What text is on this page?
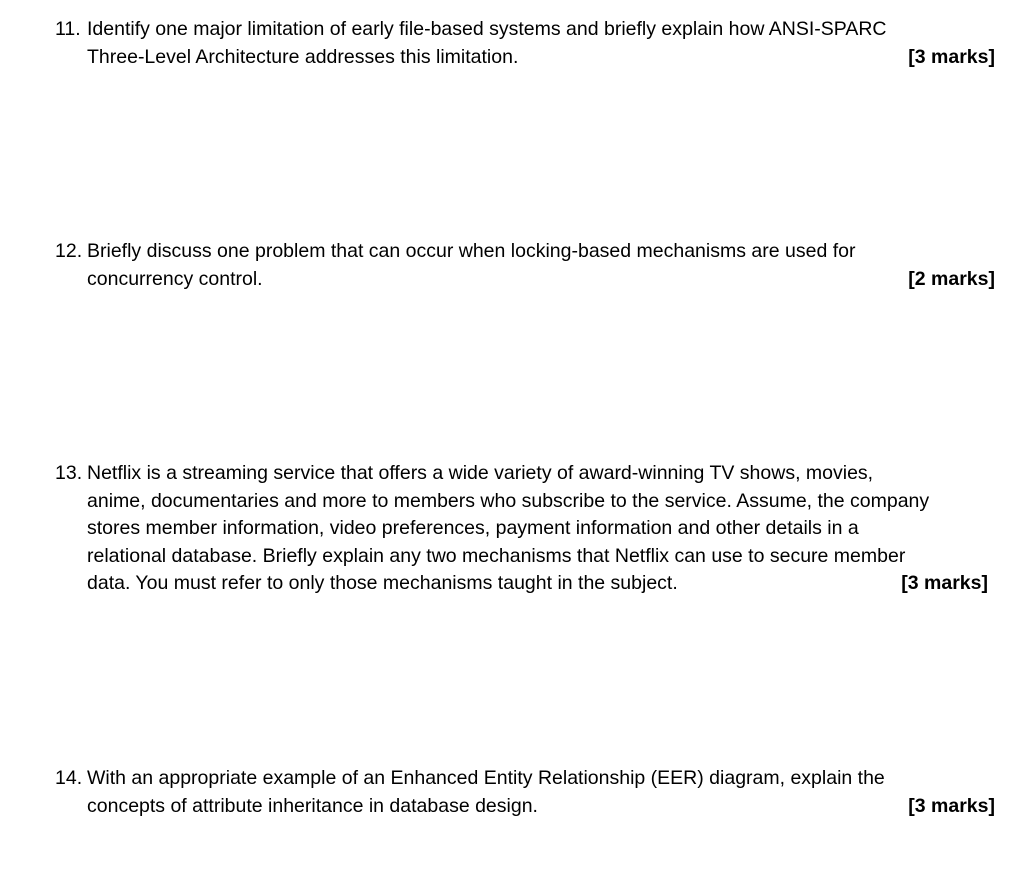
11. Identify one major limitation of early file-based systems and briefly explain how ANSI-SPARC
Three-Level Architecture addresses this limitation.	[3 marks]
12. Briefly discuss one problem that can occur when locking-based mechanisms are used for
concurrency control.	[2 marks]
13. Netflix is a streaming service that offers a wide variety of award-winning TV shows, movies,
anime, documentaries and more to members who subscribe to the service. Assume, the company
stores member information, video preferences, payment information and other details in a
relational database. Briefly explain any two mechanisms that Netflix can use to secure member
data. You must refer to only those mechanisms taught in the subject.	[3 marks]
14. With an appropriate example of an Enhanced Entity Relationship (EER) diagram, explain the
concepts of attribute inheritance in database design.	[3 marks]
